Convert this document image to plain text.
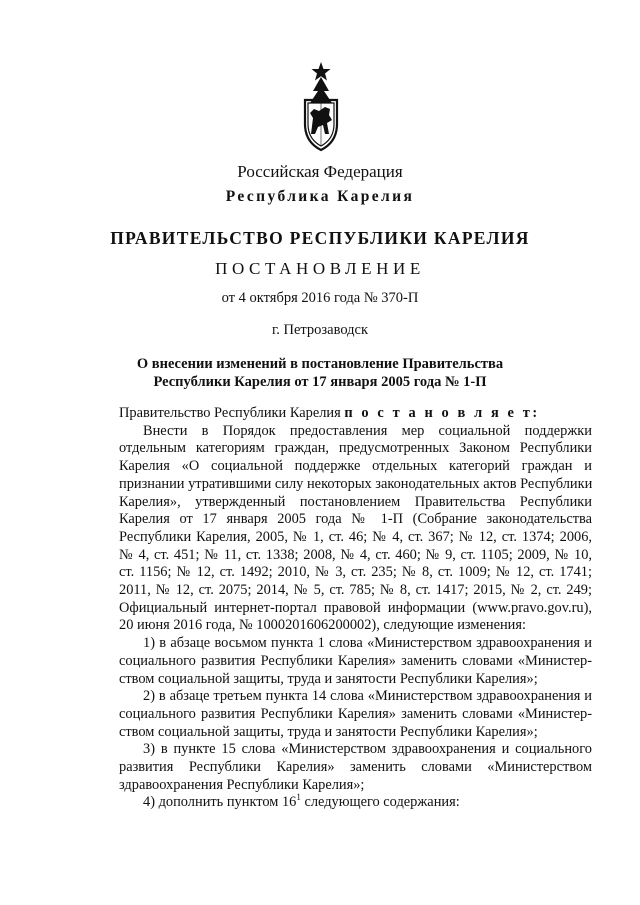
Российская Федерация
Республика Карелия
ПРАВИТЕЛЬСТВО РЕСПУБЛИКИ КАРЕЛИЯ
ПОСТАНОВЛЕНИЕ
от 4 октября 2016 года № 370-П
г. Петрозаводск
О внесении изменений в постановление Правительства
Республики Карелия от 17 января 2005 года № 1-П
Правительство Республики Карелия п о с т а н о в л я е т:
Внести в Порядок предоставления мер социальной поддержки
отдельным категориям граждан, предусмотренных Законом Республики
Карелия «О социальной поддержке отдельных категорий граждан и
признании утратившими силу некоторых законодательных актов Республики
Карелия», утвержденный постановлением Правительства Республики
Карелия от 17 января 2005 года № 1-П (Собрание законодательства
Республики Карелия, 2005, № 1, ст. 46; № 4, ст. 367; № 12, ст. 1374; 2006,
№ 4, ст. 451; № 11, ст. 1338; 2008, № 4, ст. 460; № 9, ст. 1105; 2009, № 10,
ст. 1156; № 12, ст. 1492; 2010, № 3, ст. 235; № 8, ст. 1009; № 12, ст. 1741;
2011, № 12, ст. 2075; 2014, № 5, ст. 785; № 8, ст. 1417; 2015, № 2, ст. 249;
Официальный интернет-портал правовой информации (www.pravo.gov.ru),
20 июня 2016 года, № 1000201606200002), следующие изменения:
1) в абзаце восьмом пункта 1 слова «Министерством здравоохранения и
социального развития Республики Карелия» заменить словами «Министер-
ством социальной защиты, труда и занятости Республики Карелия»;
2) в абзаце третьем пункта 14 слова «Министерством здравоохранения и
социального развития Республики Карелия» заменить словами «Министер-
ством социальной защиты, труда и занятости Республики Карелия»;
3) в пункте 15 слова «Министерством здравоохранения и социального
развития Республики Карелия» заменить словами «Министерством
здравоохранения Республики Карелия»;
4) дополнить пунктом $16^1$ следующего содержания:
